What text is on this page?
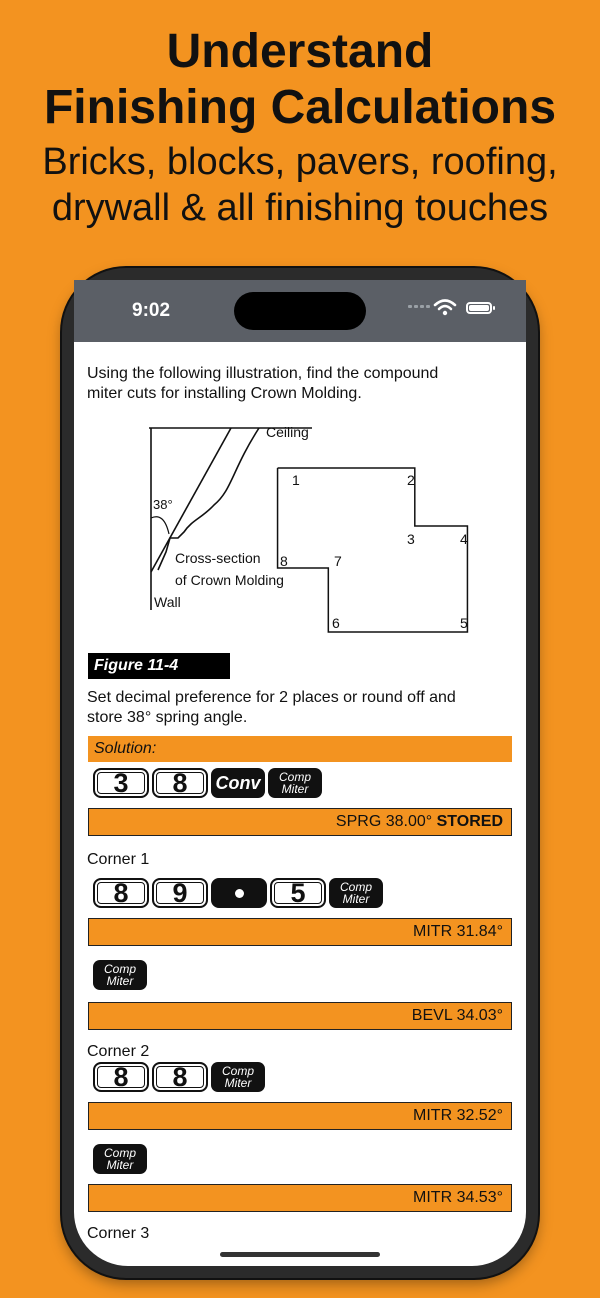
Understand
Finishing Calculations
Bricks, blocks, pavers, roofing,
drywall & all finishing touches
9:02
Using the following illustration, find the compound
miter cuts for installing Crown Molding.
Ceiling
38°
Cross-section
of Crown Molding
Wall
1	2
3	4
5
6
7
8
Figure 11-4
Set decimal preference for 2 places or round off and
store 38° spring angle.
Solution:
3	8	Conv	Comp
Miter
SPRG 38.00° STORED
Corner 1
8	9	5	Comp
Miter
MITR 31.84°
Comp
Miter
BEVL 34.03°
Corner 2
8	8	Comp
Miter
MITR 32.52°
Comp
Miter
MITR 34.53°
Corner 3
